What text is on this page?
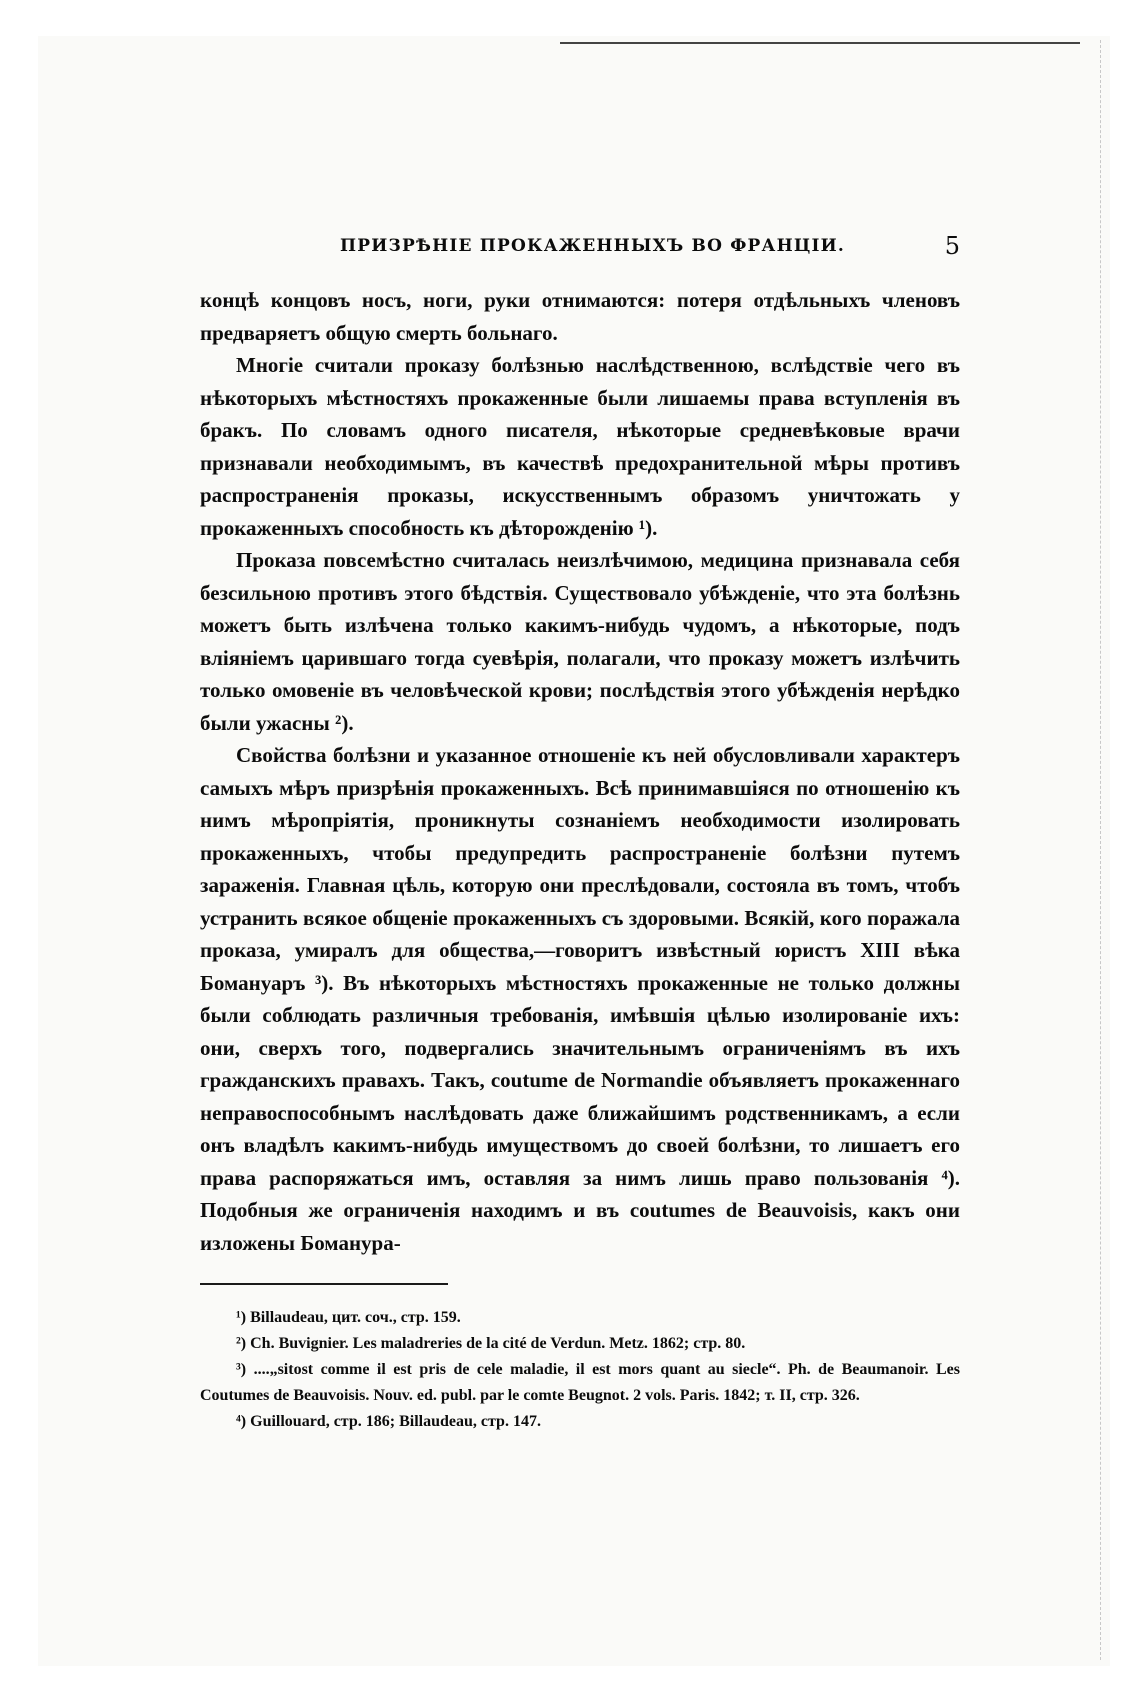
ПРИЗРѢНІЕ ПРОКАЖЕННЫХЪ ВО ФРАНЦІИ.	5

концѣ концовъ носъ, ноги, руки отнимаются: потеря отдѣльныхъ членовъ предваряетъ общую смерть больнаго.

Многіе считали проказу болѣзнью наслѣдственною, вслѣдствіе чего въ нѣкоторыхъ мѣстностяхъ прокаженные были лишаемы права вступленія въ бракъ. По словамъ одного писателя, нѣкоторые средневѣковые врачи признавали необходимымъ, въ качествѣ предохранительной мѣры противъ распространенія проказы, искусственнымъ образомъ уничтожать у прокаженныхъ способность къ дѣторожденію ¹).

Проказа повсемѣстно считалась неизлѣчимою, медицина признавала себя безсильною противъ этого бѣдствія. Существовало убѣжденіе, что эта болѣзнь можетъ быть излѣчена только какимъ-нибудь чудомъ, а нѣкоторые, подъ вліяніемъ царившаго тогда суевѣрія, полагали, что проказу можетъ излѣчить только омовеніе въ человѣческой крови; послѣдствія этого убѣжденія нерѣдко были ужасны ²).

Свойства болѣзни и указанное отношеніе къ ней обусловливали характеръ самыхъ мѣръ призрѣнія прокаженныхъ. Всѣ принимавшіяся по отношенію къ нимъ мѣропріятія, проникнуты сознаніемъ необходимости изолировать прокаженныхъ, чтобы предупредить распространеніе болѣзни путемъ зараженія. Главная цѣль, которую они преслѣдовали, состояла въ томъ, чтобъ устранить всякое общеніе прокаженныхъ съ здоровыми. Всякій, кого поражала проказа, умиралъ для общества,—говоритъ извѣстный юристъ XIII вѣка Бомануаръ ³). Въ нѣкоторыхъ мѣстностяхъ прокаженные не только должны были соблюдать различныя требованія, имѣвшія цѣлью изолированіе ихъ: они, сверхъ того, подвергались значительнымъ ограниченіямъ въ ихъ гражданскихъ правахъ. Такъ, coutume de Normandie объявляетъ прокаженнаго неправоспособнымъ наслѣдовать даже ближайшимъ родственникамъ, а если онъ владѣлъ какимъ-нибудь имуществомъ до своей болѣзни, то лишаетъ его права распоряжаться имъ, оставляя за нимъ лишь право пользованія ⁴). Подобныя же ограниченія находимъ и въ coutumes de Beauvoisis, какъ они изложены Боманура-

¹) Billaudeau, цит. соч., стр. 159.

²) Ch. Buvignier. Les maladreries de la cité de Verdun. Metz. 1862; стр. 80.

³) ....„sitost comme il est pris de cele maladie, il est mors quant au siecle“. Ph. de Beaumanoir. Les Coutumes de Beauvoisis. Nouv. ed. publ. par le comte Beugnot. 2 vols. Paris. 1842; т. II, стр. 326.

⁴) Guillouard, стр. 186; Billaudeau, стр. 147.
